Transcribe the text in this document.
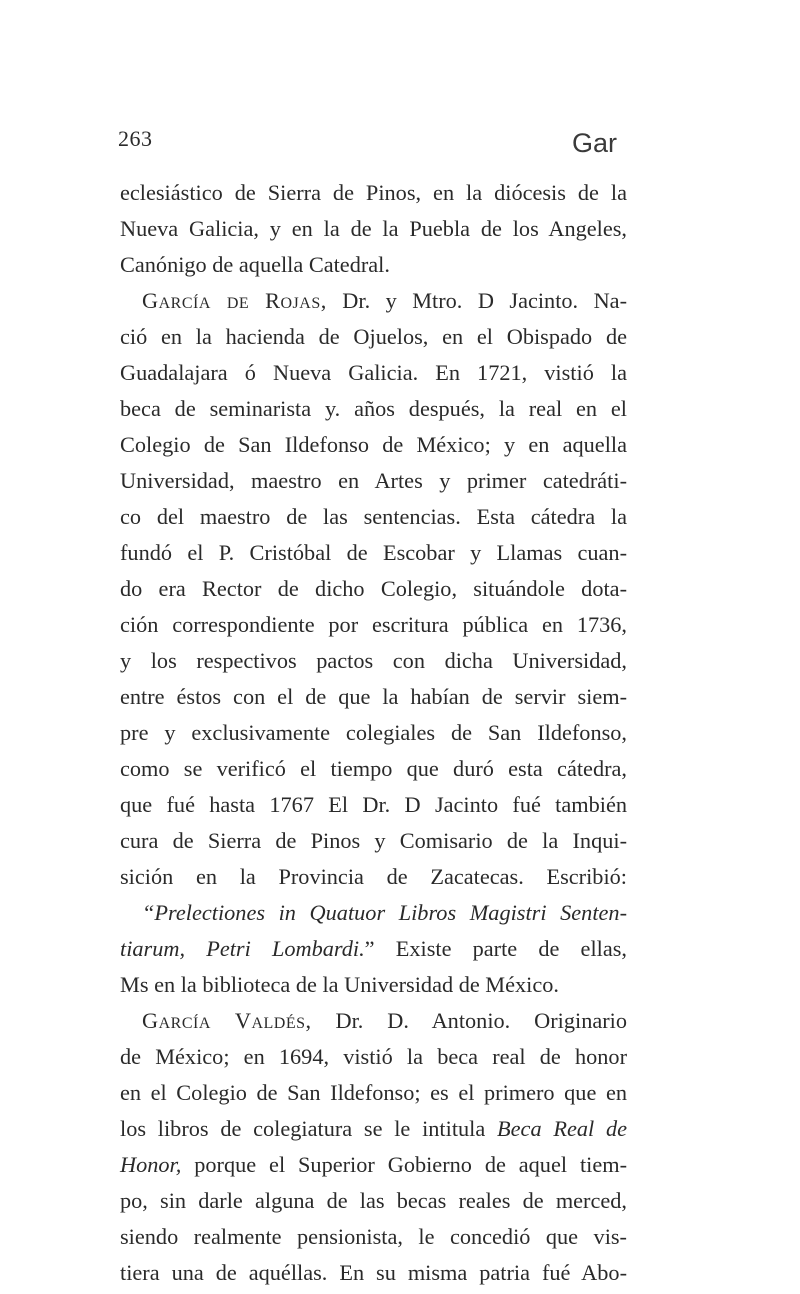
263	Gar
eclesiástico de Sierra de Pinos, en la diócesis de la
Nueva Galicia, y en la de la Puebla de los Angeles,
Canónigo de aquella Catedral.
García de Rojas, Dr. y Mtro. D Jacinto. Na-
ció en la hacienda de Ojuelos, en el Obispado de
Guadalajara ó Nueva Galicia. En 1721, vistió la
beca de seminarista y. años después, la real en el
Colegio de San Ildefonso de México; y en aquella
Universidad, maestro en Artes y primer catedráti-
co del maestro de las sentencias. Esta cátedra la
fundó el P. Cristóbal de Escobar y Llamas cuan-
do era Rector de dicho Colegio, situándole dota-
ción correspondiente por escritura pública en 1736,
y los respectivos pactos con dicha Universidad,
entre éstos con el de que la habían de servir siem-
pre y exclusivamente colegiales de San Ildefonso,
como se verificó el tiempo que duró esta cátedra,
que fué hasta 1767 El Dr. D Jacinto fué también
cura de Sierra de Pinos y Comisario de la Inqui-
sición en la Provincia de Zacatecas. Escribió:
“Prelectiones in Quatuor Libros Magistri Senten-
tiarum, Petri Lombardi.” Existe parte de ellas,
Ms en la biblioteca de la Universidad de México.
García Valdés, Dr. D. Antonio. Originario
de México; en 1694, vistió la beca real de honor
en el Colegio de San Ildefonso; es el primero que en
los libros de colegiatura se le intitula Beca Real de
Honor, porque el Superior Gobierno de aquel tiem-
po, sin darle alguna de las becas reales de merced,
siendo realmente pensionista, le concedió que vis-
tiera una de aquéllas. En su misma patria fué Abo-
